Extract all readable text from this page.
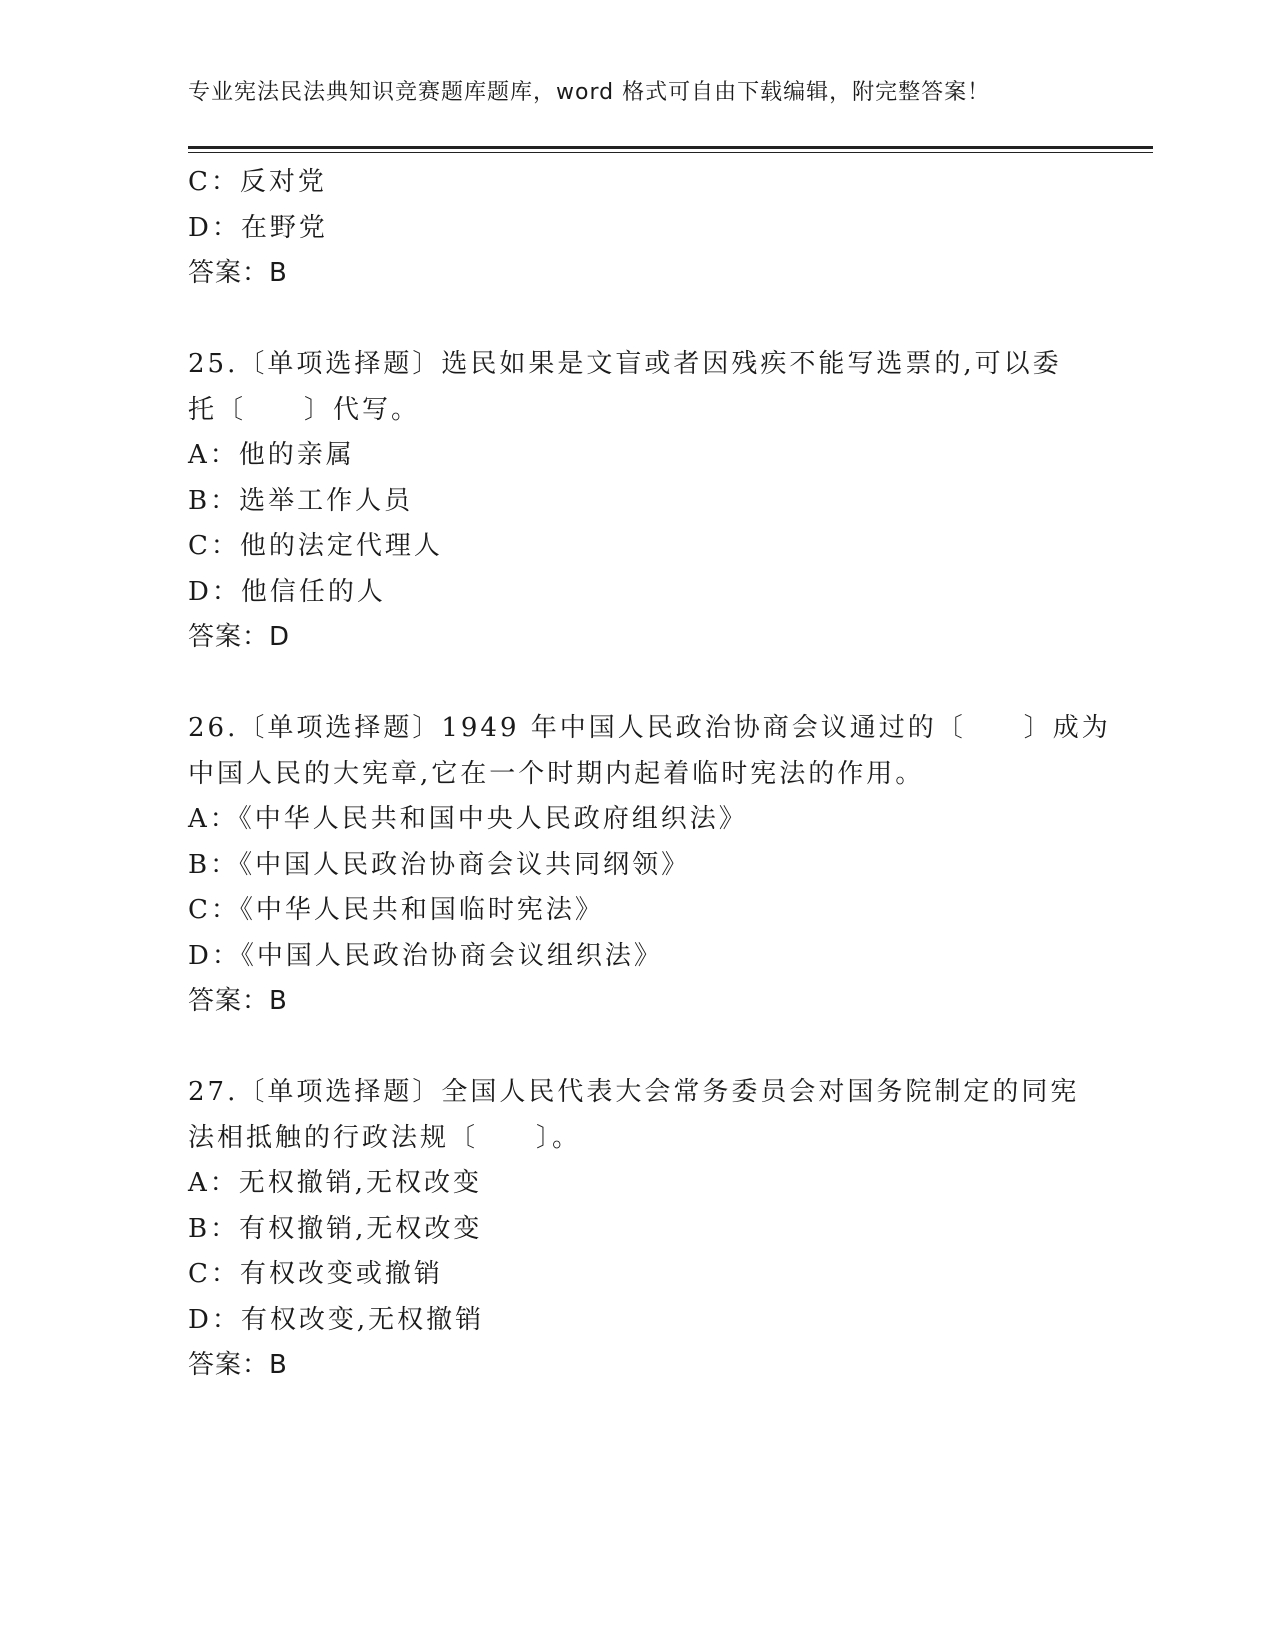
专业宪法民法典知识竞赛题库题库，word 格式可自由下载编辑，附完整答案！
C：反对党
D：在野党
答案：B
25.〔单项选择题〕选民如果是文盲或者因残疾不能写选票的,可以委
托〔　　〕代写。
A：他的亲属
B：选举工作人员
C：他的法定代理人
D：他信任的人
答案：D
26.〔单项选择题〕1949 年中国人民政治协商会议通过的〔　　〕成为
中国人民的大宪章,它在一个时期内起着临时宪法的作用。
A：《中华人民共和国中央人民政府组织法》
B：《中国人民政治协商会议共同纲领》
C：《中华人民共和国临时宪法》
D：《中国人民政治协商会议组织法》
答案：B
27.〔单项选择题〕全国人民代表大会常务委员会对国务院制定的同宪
法相抵触的行政法规〔　　〕。
A：无权撤销,无权改变
B：有权撤销,无权改变
C：有权改变或撤销
D：有权改变,无权撤销
答案：B
